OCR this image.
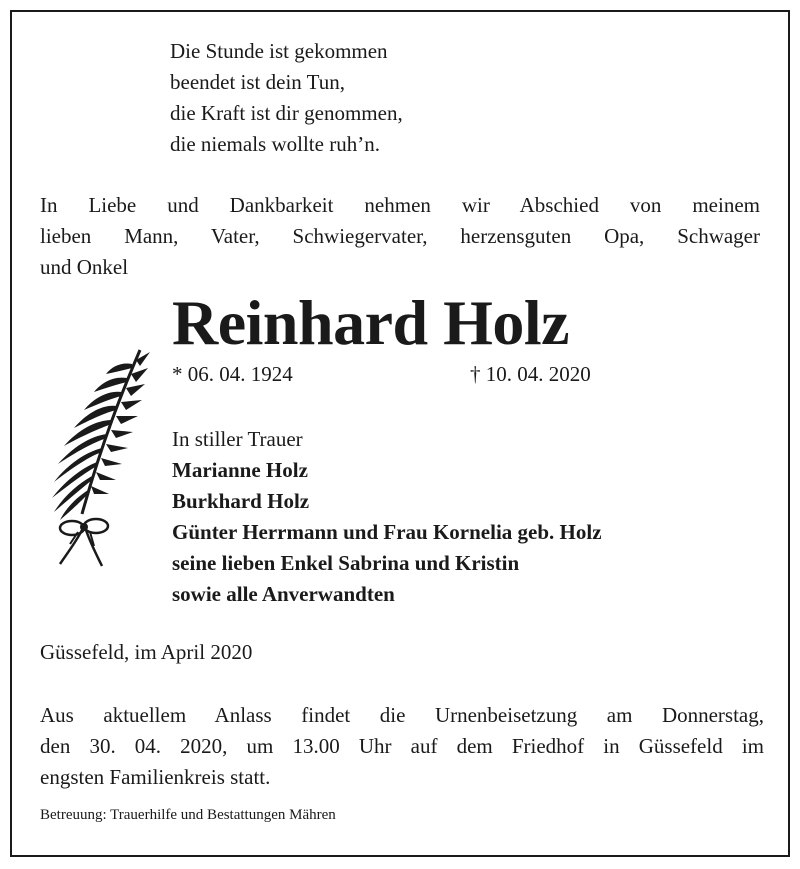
Die Stunde ist gekommen
beendet ist dein Tun,
die Kraft ist dir genommen,
die niemals wollte ruh’n.
In Liebe und Dankbarkeit nehmen wir Abschied von meinem
lieben Mann, Vater, Schwiegervater, herzensguten Opa, Schwager
und Onkel
Reinhard Holz
* 06. 04. 1924	† 10. 04. 2020
In stiller Trauer
Marianne Holz
Burkhard Holz
Günter Herrmann und Frau Kornelia geb. Holz
seine lieben Enkel Sabrina und Kristin
sowie alle Anverwandten
Güssefeld, im April 2020
Aus aktuellem Anlass findet die Urnenbeisetzung am Donnerstag,
den 30. 04. 2020, um 13.00 Uhr auf dem Friedhof in Güssefeld im
engsten Familienkreis statt.
Betreuung: Trauerhilfe und Bestattungen Mähren
